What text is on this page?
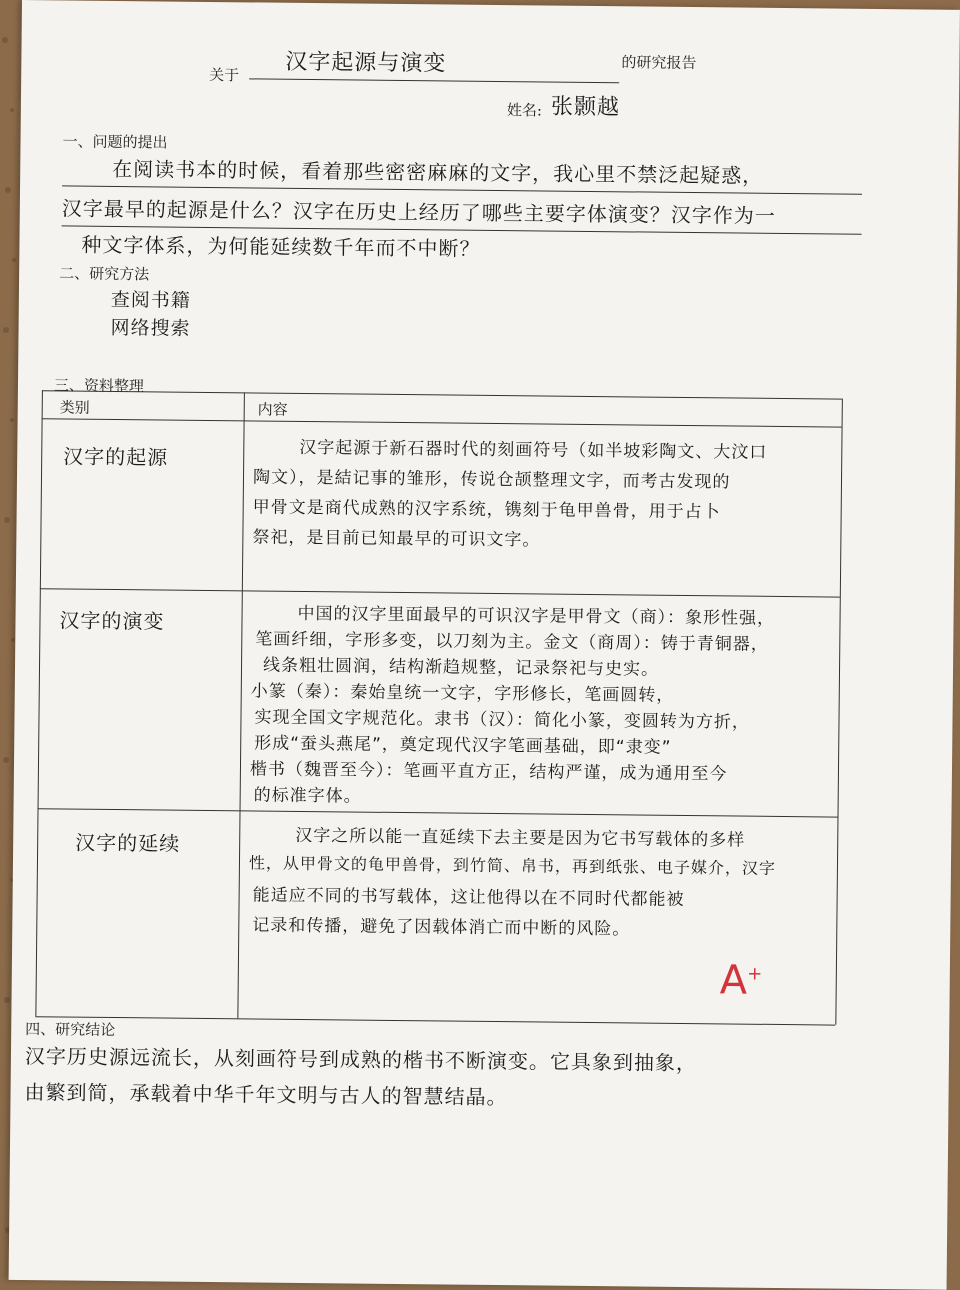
关于 汉字起源与演变	的研究报告
姓名: 张颢越
一、问题的提出
在阅读书本的时候，看着那些密密麻麻的文字，我心里不禁泛起疑惑，
汉字最早的起源是什么？汉字在历史上经历了哪些主要字体演变？汉字作为一
种文字体系，为何能延续数千年而不中断？
二、研究方法
查阅书籍
网络搜索
三、资料整理
类别	内容
汉字的起源	汉字起源于新石器时代的刻画符号（如半坡彩陶文、大汶口
陶文），是結记事的雏形，传说仓颉整理文字，而考古发现的
甲骨文是商代成熟的汉字系统，镌刻于龟甲兽骨，用于占卜
祭祀，是目前已知最早的可识文字。
汉字的演变	中国的汉字里面最早的可识汉字是甲骨文（商）：象形性强，
笔画纤细，字形多变，以刀刻为主。金文（商周）：铸于青铜器，
线条粗壮圆润，结构渐趋规整，记录祭祀与史实。
小篆（秦）：秦始皇统一文字，字形修长，笔画圆转，
实现全国文字规范化。隶书（汉）：简化小篆，变圆转为方折，
形成“蚕头燕尾”，奠定现代汉字笔画基础，即“隶变”
楷书（魏晋至今）：笔画平直方正，结构严谨，成为通用至今
的标准字体。
汉字的延续	汉字之所以能一直延续下去主要是因为它书写载体的多样
性，从甲骨文的龟甲兽骨，到竹简、帛书，再到纸张、电子媒介，汉字
能适应不同的书写载体，这让他得以在不同时代都能被
记录和传播，避免了因载体消亡而中断的风险。
A+
四、研究结论
汉字历史源远流长，从刻画符号到成熟的楷书不断演变。它具象到抽象，
由繁到简，承载着中华千年文明与古人的智慧结晶。
